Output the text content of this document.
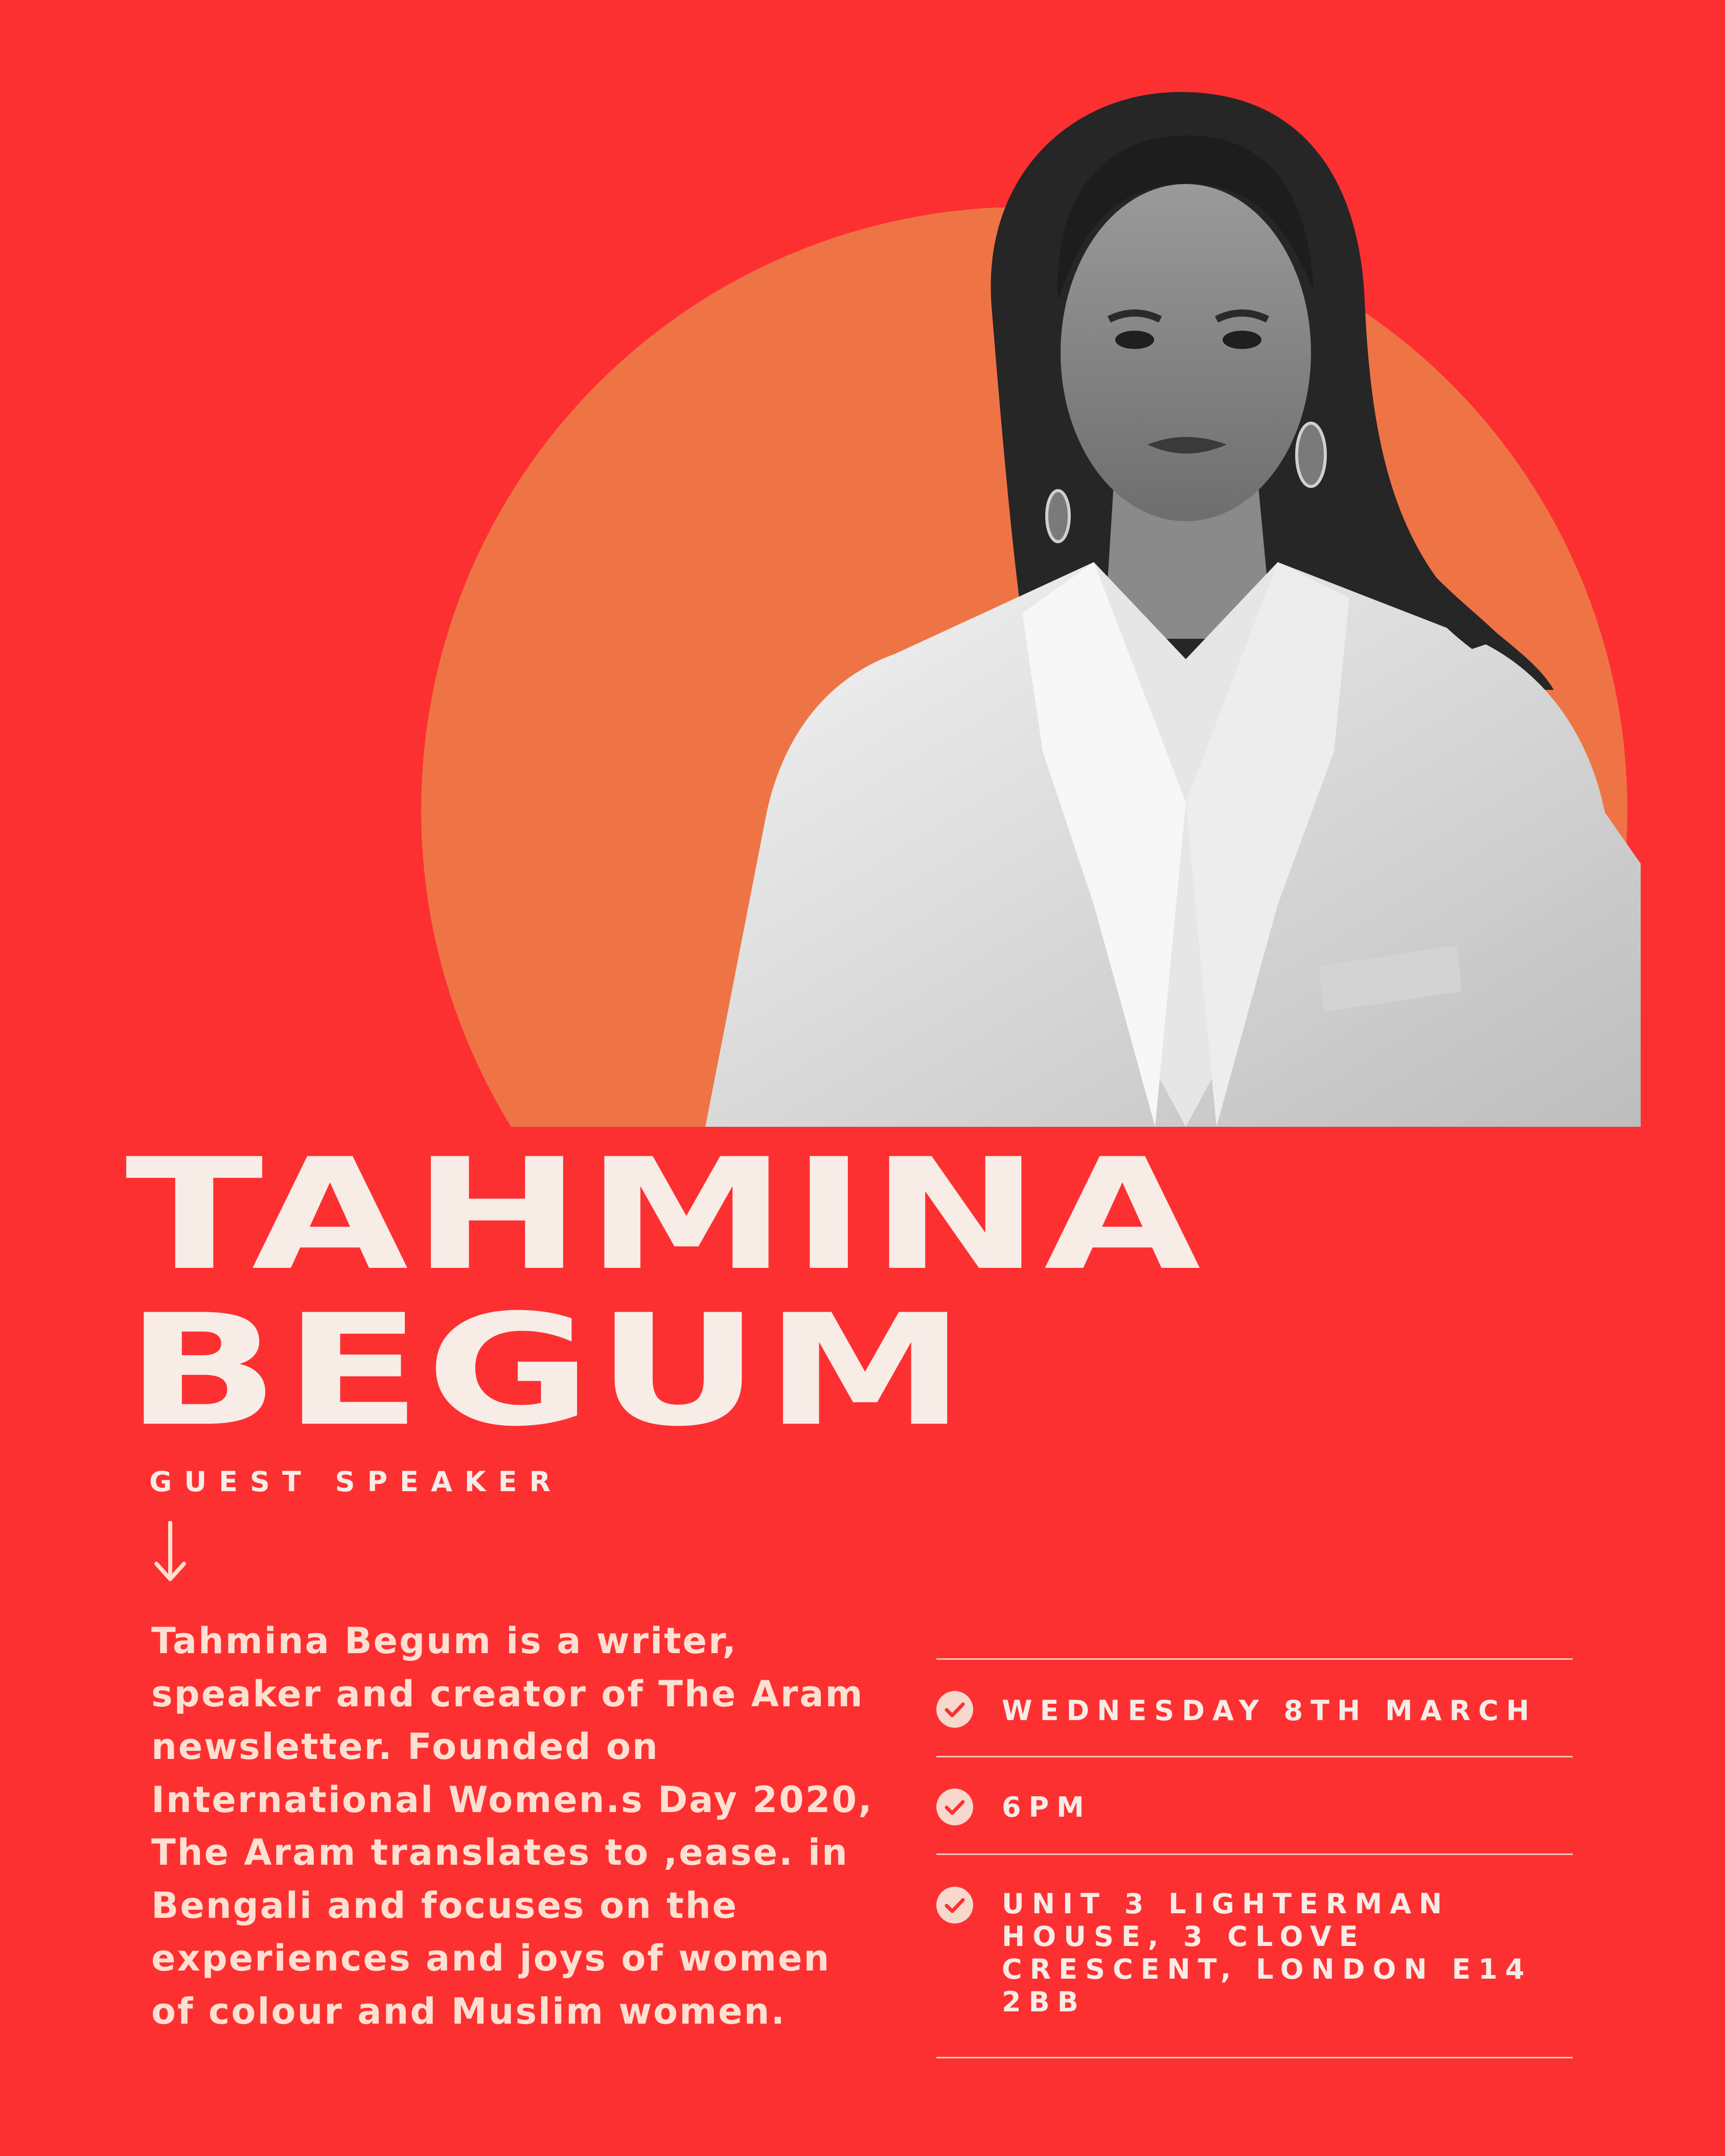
TAHMINA
BEGUM
GUEST SPEAKER

Tahmina Begum is a writer, speaker and creator of The Aram newsletter. Founded on International Women.s Day 2020, The Aram translates to ,ease. in Bengali and focuses on the experiences and joys of women of colour and Muslim women.

WEDNESDAY 8TH MARCH
6PM
UNIT 3 LIGHTERMAN HOUSE, 3 CLOVE CRESCENT, LONDON E14 2BB
